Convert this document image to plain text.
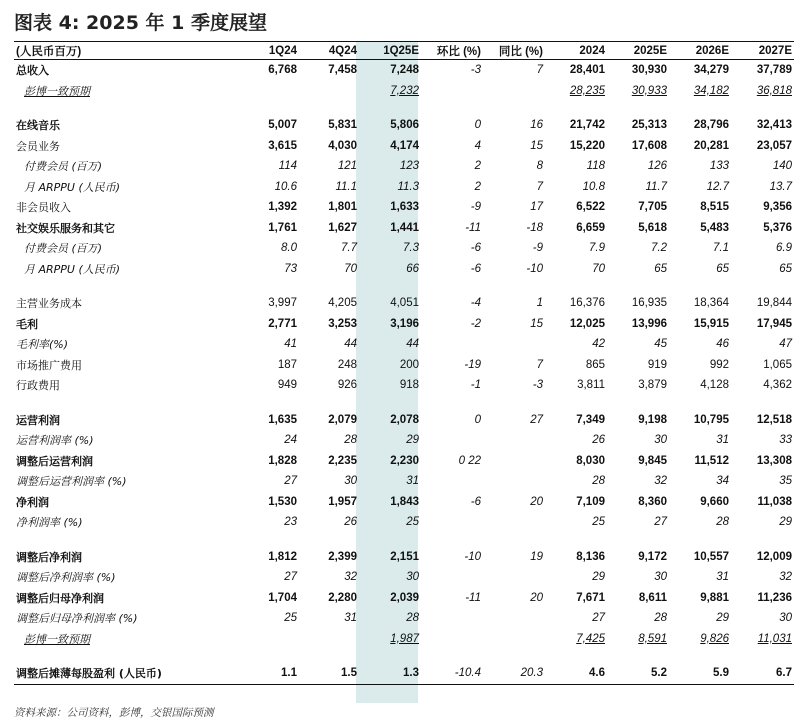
图表 4: 2025 年 1 季度展望
(人民币百万)	1Q24	4Q24	1Q25E	环比 (%)	同比 (%)	2024	2025E	2026E	2027E
总收入	6,768	7,458	7,248	-3	7	28,401	30,930	34,279	37,789
彭博一致预期			7,232			28,235	30,933	34,182	36,818

在线音乐	5,007	5,831	5,806	0	16	21,742	25,313	28,796	32,413
会员业务	3,615	4,030	4,174	4	15	15,220	17,608	20,281	23,057
付费会员 (百万)	114	121	123	2	8	118	126	133	140
月 ARPPU (人民币)	10.6	11.1	11.3	2	7	10.8	11.7	12.7	13.7
非会员收入	1,392	1,801	1,633	-9	17	6,522	7,705	8,515	9,356
社交娱乐服务和其它	1,761	1,627	1,441	-11	-18	6,659	5,618	5,483	5,376
付费会员 (百万)	8.0	7.7	7.3	-6	-9	7.9	7.2	7.1	6.9
月 ARPPU (人民币)	73	70	66	-6	-10	70	65	65	65

主营业务成本	3,997	4,205	4,051	-4	1	16,376	16,935	18,364	19,844
毛利	2,771	3,253	3,196	-2	15	12,025	13,996	15,915	17,945
毛利率(%)	41	44	44			42	45	46	47
市场推广费用	187	248	200	-19	7	865	919	992	1,065
行政费用	949	926	918	-1	-3	3,811	3,879	4,128	4,362

运营利润	1,635	2,079	2,078	0	27	7,349	9,198	10,795	12,518
运营利润率 (%)	24	28	29			26	30	31	33
调整后运营利润	1,828	2,235	2,230	0 22		8,030	9,845	11,512	13,308
调整后运营利润率 (%)	27	30	31			28	32	34	35
净利润	1,530	1,957	1,843	-6	20	7,109	8,360	9,660	11,038
净利润率 (%)	23	26	25			25	27	28	29

调整后净利润	1,812	2,399	2,151	-10	19	8,136	9,172	10,557	12,009
调整后净利润率 (%)	27	32	30			29	30	31	32
调整后归母净利润	1,704	2,280	2,039	-11	20	7,671	8,611	9,881	11,236
调整后归母净利润率 (%)	25	31	28			27	28	29	30
彭博一致预期			1,987			7,425	8,591	9,826	11,031

调整后摊薄每股盈利 (人民币)	1.1	1.5	1.3	-10.4	20.3	4.6	5.2	5.9	6.7
资料来源：公司资料，彭博，交银国际预测
